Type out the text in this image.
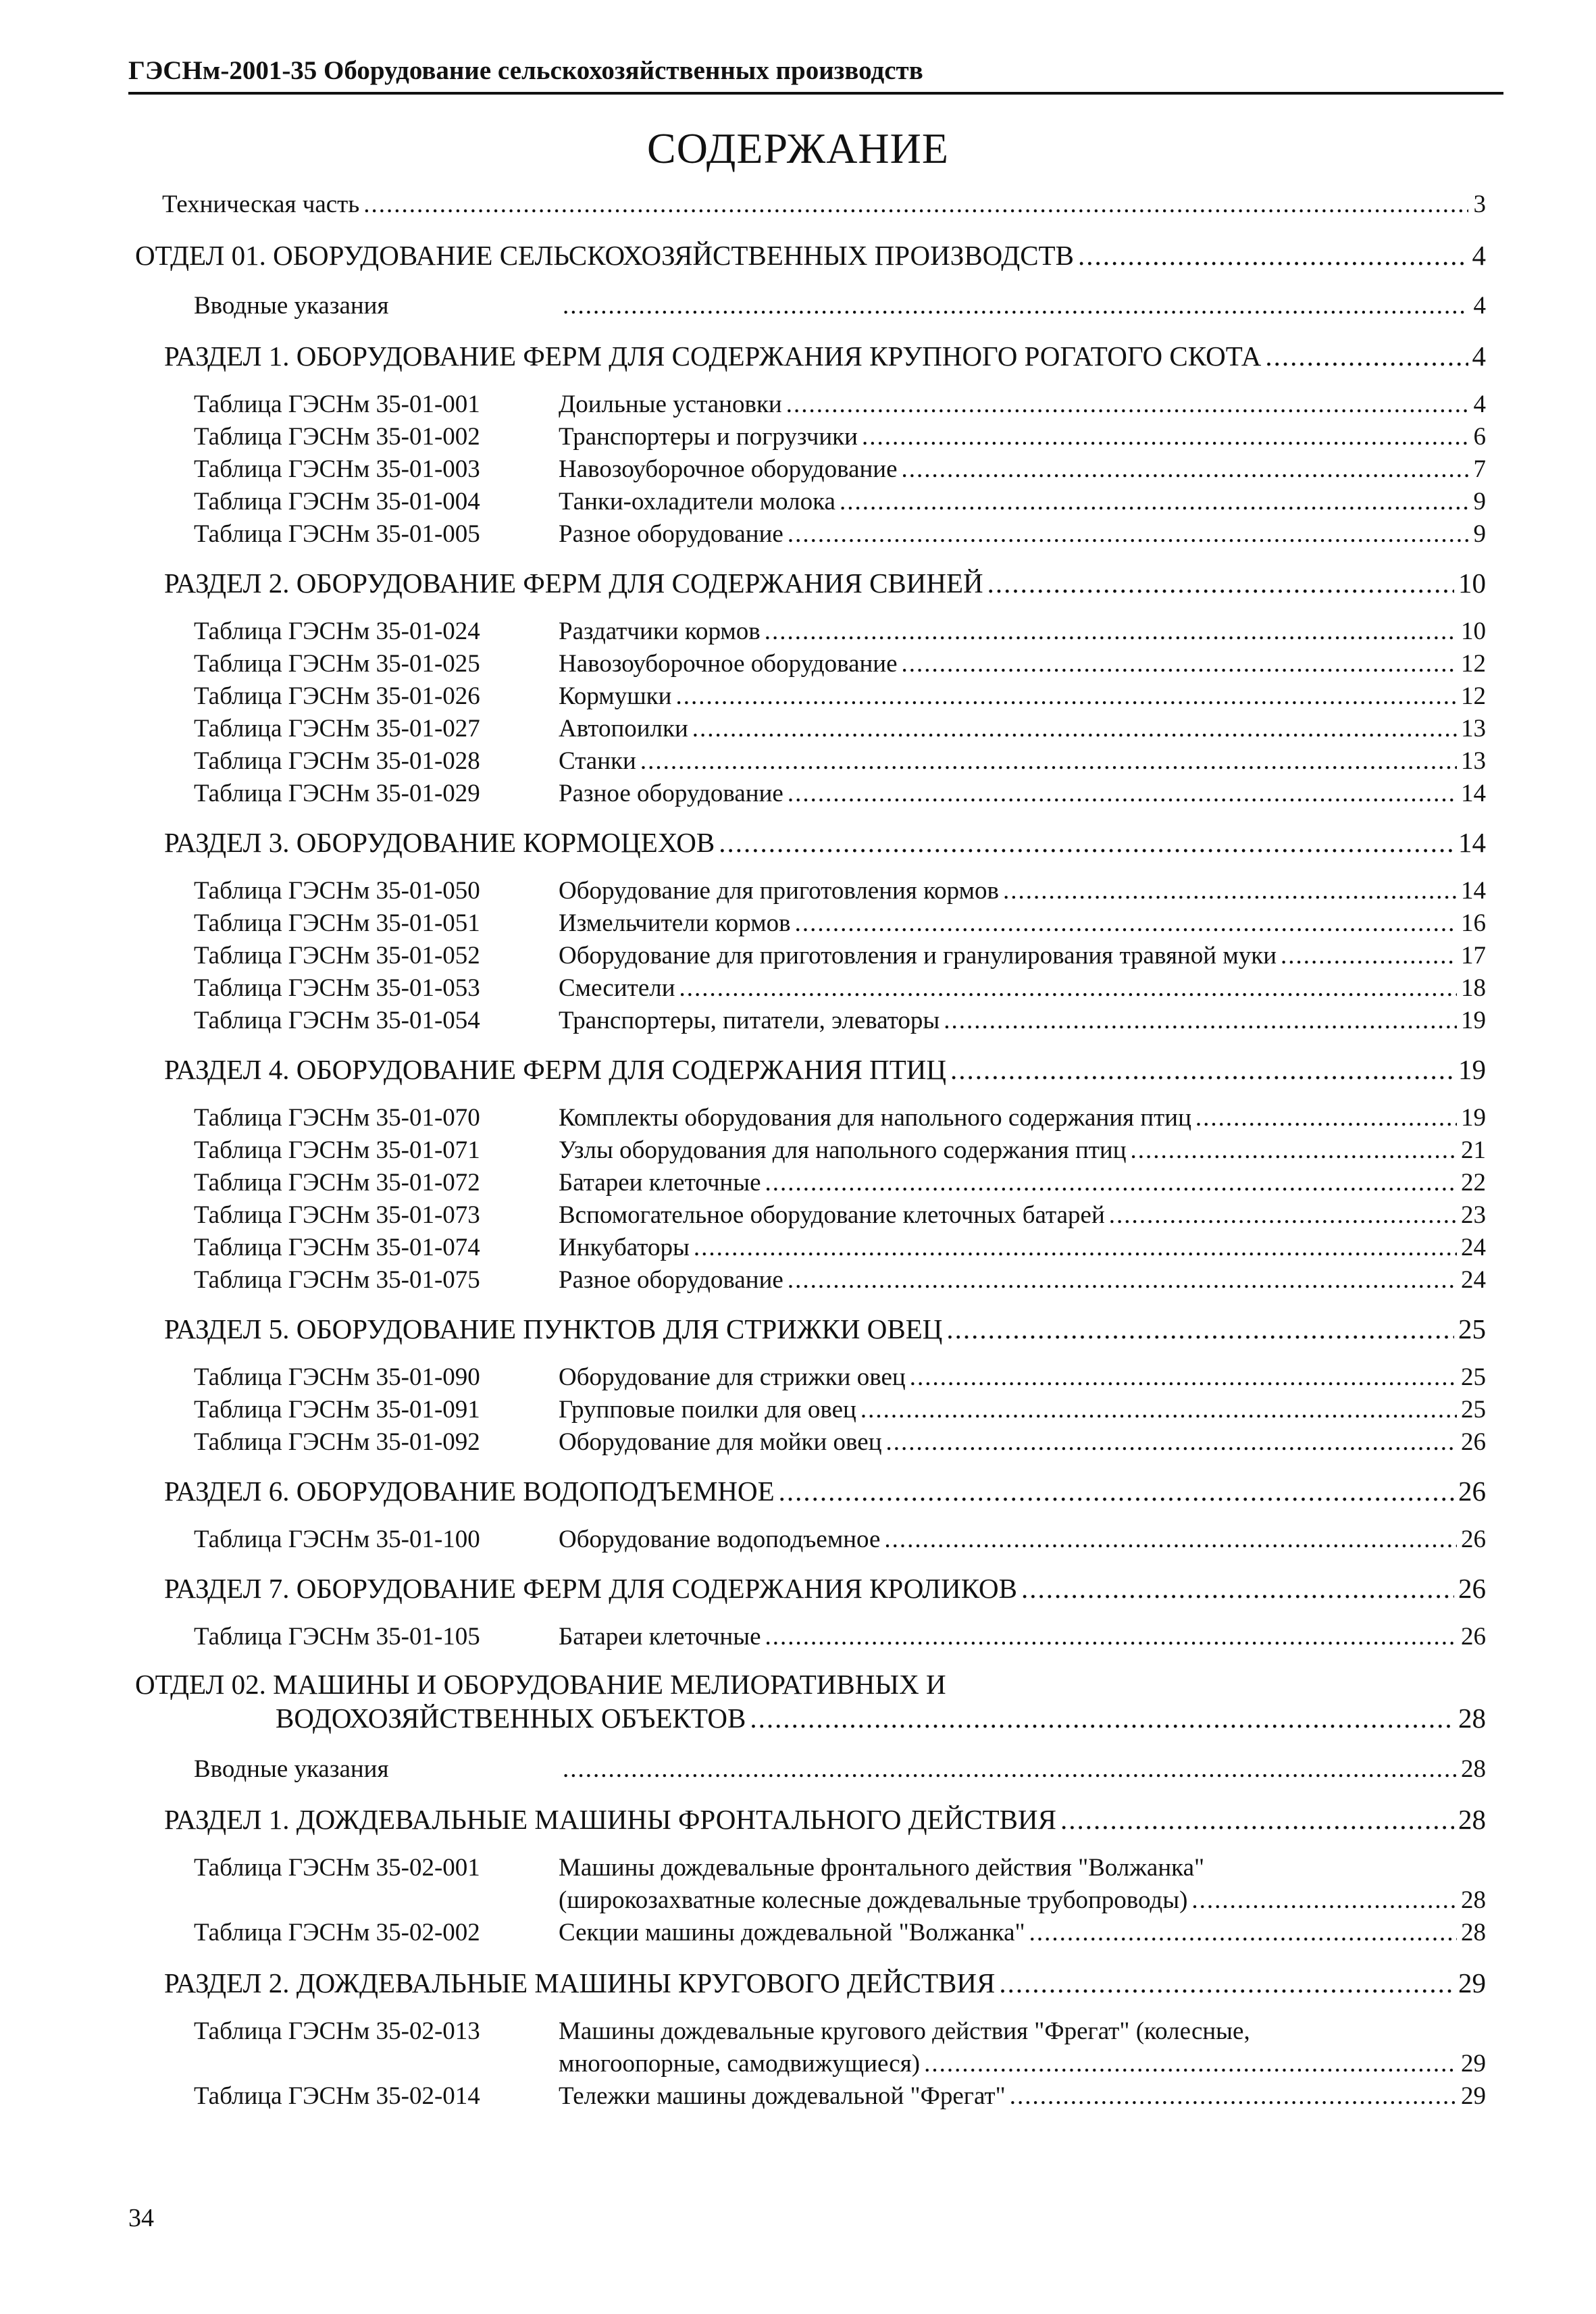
ГЭСНм-2001-35 Оборудование сельскохозяйственных производств
СОДЕРЖАНИЕ
Техническая часть .....	3
ОТДЕЛ 01. ОБОРУДОВАНИЕ СЕЛЬСКОХОЗЯЙСТВЕННЫХ ПРОИЗВОДСТВ .....	4
Вводные указания .....	4
РАЗДЕЛ 1. ОБОРУДОВАНИЕ ФЕРМ ДЛЯ СОДЕРЖАНИЯ КРУПНОГО РОГАТОГО СКОТА .....	4
Таблица ГЭСНм 35-01-001	Доильные установки .....	4
Таблица ГЭСНм 35-01-002	Транспортеры и погрузчики .....	6
Таблица ГЭСНм 35-01-003	Навозоуборочное оборудование .....	7
Таблица ГЭСНм 35-01-004	Танки-охладители молока .....	9
Таблица ГЭСНм 35-01-005	Разное оборудование .....	9
РАЗДЕЛ 2. ОБОРУДОВАНИЕ ФЕРМ ДЛЯ СОДЕРЖАНИЯ СВИНЕЙ .....	10
Таблица ГЭСНм 35-01-024	Раздатчики кормов .....	10
Таблица ГЭСНм 35-01-025	Навозоуборочное оборудование .....	12
Таблица ГЭСНм 35-01-026	Кормушки .....	12
Таблица ГЭСНм 35-01-027	Автопоилки .....	13
Таблица ГЭСНм 35-01-028	Станки .....	13
Таблица ГЭСНм 35-01-029	Разное оборудование .....	14
РАЗДЕЛ 3. ОБОРУДОВАНИЕ КОРМОЦЕХОВ .....	14
Таблица ГЭСНм 35-01-050	Оборудование для приготовления кормов .....	14
Таблица ГЭСНм 35-01-051	Измельчители кормов .....	16
Таблица ГЭСНм 35-01-052	Оборудование для приготовления и гранулирования травяной муки .....	17
Таблица ГЭСНм 35-01-053	Смесители .....	18
Таблица ГЭСНм 35-01-054	Транспортеры, питатели, элеваторы .....	19
РАЗДЕЛ 4. ОБОРУДОВАНИЕ ФЕРМ ДЛЯ СОДЕРЖАНИЯ ПТИЦ .....	19
Таблица ГЭСНм 35-01-070	Комплекты оборудования для напольного содержания птиц .....	19
Таблица ГЭСНм 35-01-071	Узлы оборудования для напольного содержания птиц .....	21
Таблица ГЭСНм 35-01-072	Батареи клеточные .....	22
Таблица ГЭСНм 35-01-073	Вспомогательное оборудование клеточных батарей .....	23
Таблица ГЭСНм 35-01-074	Инкубаторы .....	24
Таблица ГЭСНм 35-01-075	Разное оборудование .....	24
РАЗДЕЛ 5. ОБОРУДОВАНИЕ ПУНКТОВ ДЛЯ СТРИЖКИ ОВЕЦ .....	25
Таблица ГЭСНм 35-01-090	Оборудование для стрижки овец .....	25
Таблица ГЭСНм 35-01-091	Групповые поилки для овец .....	25
Таблица ГЭСНм 35-01-092	Оборудование для мойки овец .....	26
РАЗДЕЛ 6. ОБОРУДОВАНИЕ ВОДОПОДЪЕМНОЕ .....	26
Таблица ГЭСНм 35-01-100	Оборудование водоподъемное .....	26
РАЗДЕЛ 7. ОБОРУДОВАНИЕ ФЕРМ ДЛЯ СОДЕРЖАНИЯ КРОЛИКОВ .....	26
Таблица ГЭСНм 35-01-105	Батареи клеточные .....	26
ОТДЕЛ 02. МАШИНЫ И ОБОРУДОВАНИЕ МЕЛИОРАТИВНЫХ И
ВОДОХОЗЯЙСТВЕННЫХ ОБЪЕКТОВ .....	28
Вводные указания .....	28
РАЗДЕЛ 1. ДОЖДЕВАЛЬНЫЕ МАШИНЫ ФРОНТАЛЬНОГО ДЕЙСТВИЯ .....	28
Таблица ГЭСНм 35-02-001	Машины дождевальные фронтального действия "Волжанка"
(широкозахватные колесные дождевальные трубопроводы) .....	28
Таблица ГЭСНм 35-02-002	Секции машины дождевальной "Волжанка" .....	28
РАЗДЕЛ 2. ДОЖДЕВАЛЬНЫЕ МАШИНЫ КРУГОВОГО ДЕЙСТВИЯ .....	29
Таблица ГЭСНм 35-02-013	Машины дождевальные кругового действия "Фрегат" (колесные,
многоопорные, самодвижущиеся) .....	29
Таблица ГЭСНм 35-02-014	Тележки машины дождевальной "Фрегат" .....	29
34
